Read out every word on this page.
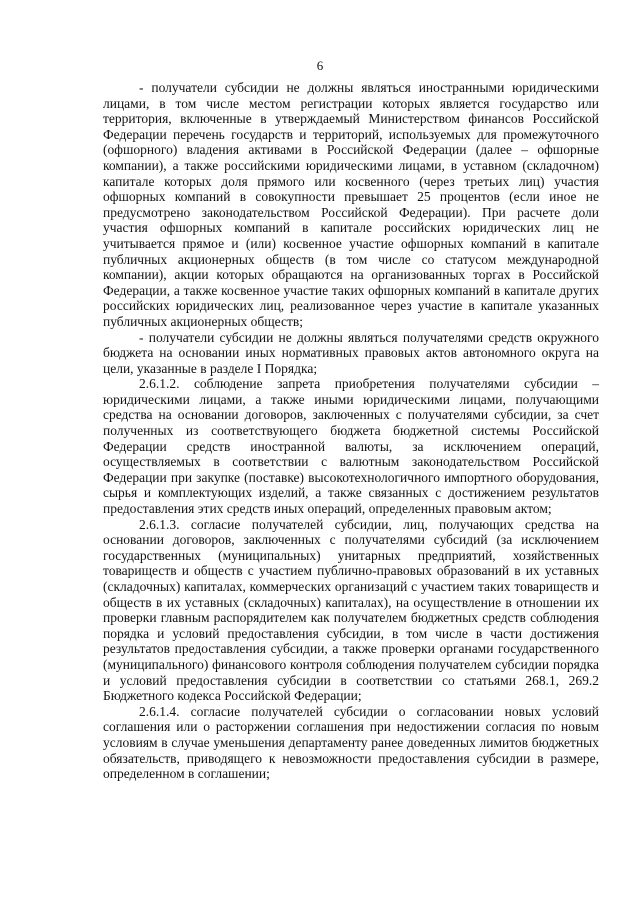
6

- получатели субсидии не должны являться иностранными юридическими лицами, в том числе местом регистрации которых является государство или территория, включенные в утверждаемый Министерством финансов Российской Федерации перечень государств и территорий, используемых для промежуточного (офшорного) владения активами в Российской Федерации (далее – офшорные компании), а также российскими юридическими лицами, в уставном (складочном) капитале которых доля прямого или косвенного (через третьих лиц) участия офшорных компаний в совокупности превышает 25 процентов (если иное не предусмотрено законодательством Российской Федерации). При расчете доли участия офшорных компаний в капитале российских юридических лиц не учитывается прямое и (или) косвенное участие офшорных компаний в капитале публичных акционерных обществ (в том числе со статусом международной компании), акции которых обращаются на организованных торгах в Российской Федерации, а также косвенное участие таких офшорных компаний в капитале других российских юридических лиц, реализованное через участие в капитале указанных публичных акционерных обществ;

- получатели субсидии не должны являться получателями средств окружного бюджета на основании иных нормативных правовых актов автономного округа на цели, указанные в разделе I Порядка;

2.6.1.2. соблюдение запрета приобретения получателями субсидии – юридическими лицами, а также иными юридическими лицами, получающими средства на основании договоров, заключенных с получателями субсидии, за счет полученных из соответствующего бюджета бюджетной системы Российской Федерации средств иностранной валюты, за исключением операций, осуществляемых в соответствии с валютным законодательством Российской Федерации при закупке (поставке) высокотехнологичного импортного оборудования, сырья и комплектующих изделий, а также связанных с достижением результатов предоставления этих средств иных операций, определенных правовым актом;

2.6.1.3. согласие получателей субсидии, лиц, получающих средства на основании договоров, заключенных с получателями субсидий (за исключением государственных (муниципальных) унитарных предприятий, хозяйственных товариществ и обществ с участием публично-правовых образований в их уставных (складочных) капиталах, коммерческих организаций с участием таких товариществ и обществ в их уставных (складочных) капиталах), на осуществление в отношении их проверки главным распорядителем как получателем бюджетных средств соблюдения порядка и условий предоставления субсидии, в том числе в части достижения результатов предоставления субсидии, а также проверки органами государственного (муниципального) финансового контроля соблюдения получателем субсидии порядка и условий предоставления субсидии в соответствии со статьями 268.1, 269.2 Бюджетного кодекса Российской Федерации;

2.6.1.4. согласие получателей субсидии о согласовании новых условий соглашения или о расторжении соглашения при недостижении согласия по новым условиям в случае уменьшения департаменту ранее доведенных лимитов бюджетных обязательств, приводящего к невозможности предоставления субсидии в размере, определенном в соглашении;
